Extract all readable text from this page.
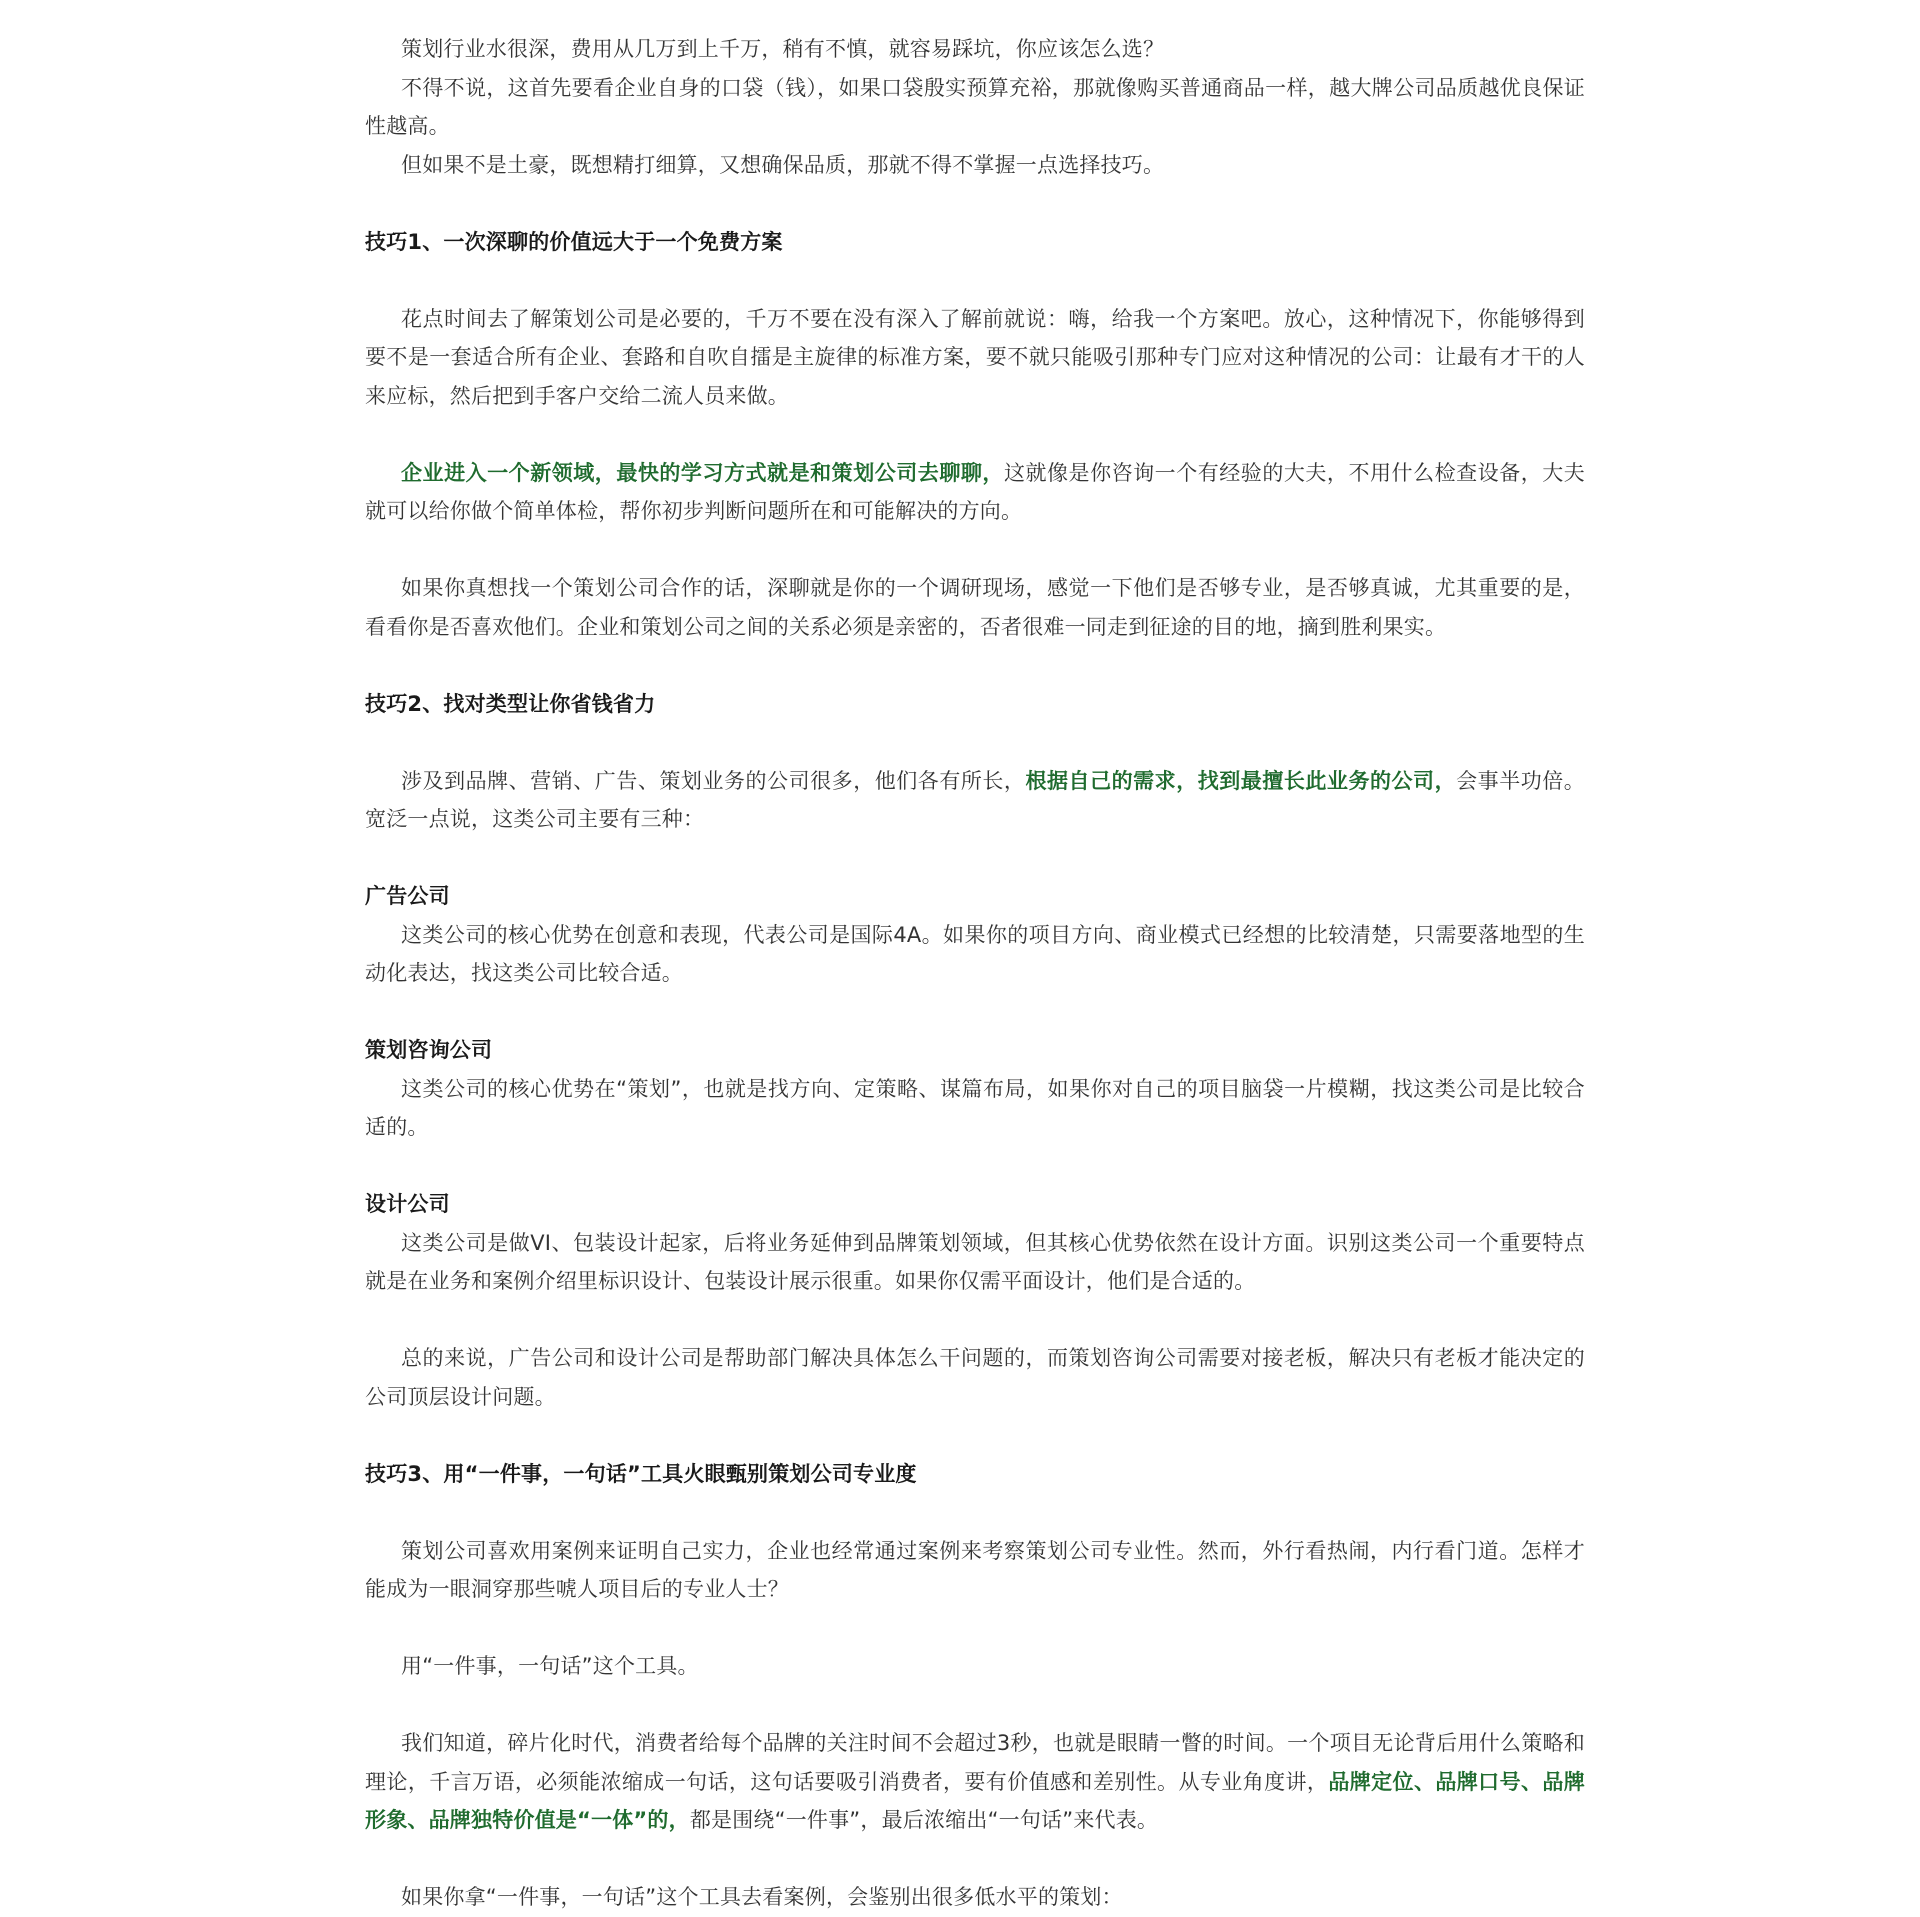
策划行业水很深，费用从几万到上千万，稍有不慎，就容易踩坑，你应该怎么选？

不得不说，这首先要看企业自身的口袋（钱），如果口袋殷实预算充裕，那就像购买普通商品一样，越大牌公司品质越优良保证性越高。

但如果不是土豪，既想精打细算，又想确保品质，那就不得不掌握一点选择技巧。

技巧1、一次深聊的价值远大于一个免费方案

花点时间去了解策划公司是必要的，千万不要在没有深入了解前就说：嗨，给我一个方案吧。放心，这种情况下，你能够得到要不是一套适合所有企业、套路和自吹自擂是主旋律的标准方案，要不就只能吸引那种专门应对这种情况的公司：让最有才干的人来应标，然后把到手客户交给二流人员来做。

企业进入一个新领域，最快的学习方式就是和策划公司去聊聊，这就像是你咨询一个有经验的大夫，不用什么检查设备，大夫就可以给你做个简单体检，帮你初步判断问题所在和可能解决的方向。

如果你真想找一个策划公司合作的话，深聊就是你的一个调研现场，感觉一下他们是否够专业，是否够真诚，尤其重要的是，看看你是否喜欢他们。企业和策划公司之间的关系必须是亲密的，否者很难一同走到征途的目的地，摘到胜利果实。

技巧2、找对类型让你省钱省力

涉及到品牌、营销、广告、策划业务的公司很多，他们各有所长，根据自己的需求，找到最擅长此业务的公司，会事半功倍。宽泛一点说，这类公司主要有三种：

广告公司

这类公司的核心优势在创意和表现，代表公司是国际4A。如果你的项目方向、商业模式已经想的比较清楚，只需要落地型的生动化表达，找这类公司比较合适。

策划咨询公司

这类公司的核心优势在“策划”，也就是找方向、定策略、谋篇布局，如果你对自己的项目脑袋一片模糊，找这类公司是比较合适的。

设计公司

这类公司是做VI、包装设计起家，后将业务延伸到品牌策划领域，但其核心优势依然在设计方面。识别这类公司一个重要特点就是在业务和案例介绍里标识设计、包装设计展示很重。如果你仅需平面设计，他们是合适的。

总的来说，广告公司和设计公司是帮助部门解决具体怎么干问题的，而策划咨询公司需要对接老板，解决只有老板才能决定的公司顶层设计问题。

技巧3、用“一件事，一句话”工具火眼甄别策划公司专业度

策划公司喜欢用案例来证明自己实力，企业也经常通过案例来考察策划公司专业性。然而，外行看热闹，内行看门道。怎样才能成为一眼洞穿那些唬人项目后的专业人士？

用“一件事，一句话”这个工具。

我们知道，碎片化时代，消费者给每个品牌的关注时间不会超过3秒，也就是眼睛一瞥的时间。一个项目无论背后用什么策略和理论，千言万语，必须能浓缩成一句话，这句话要吸引消费者，要有价值感和差别性。从专业角度讲，品牌定位、品牌口号、品牌形象、品牌独特价值是“一体”的，都是围绕“一件事”，最后浓缩出“一句话”来代表。

如果你拿“一件事，一句话”这个工具去看案例，会鉴别出很多低水平的策划：
